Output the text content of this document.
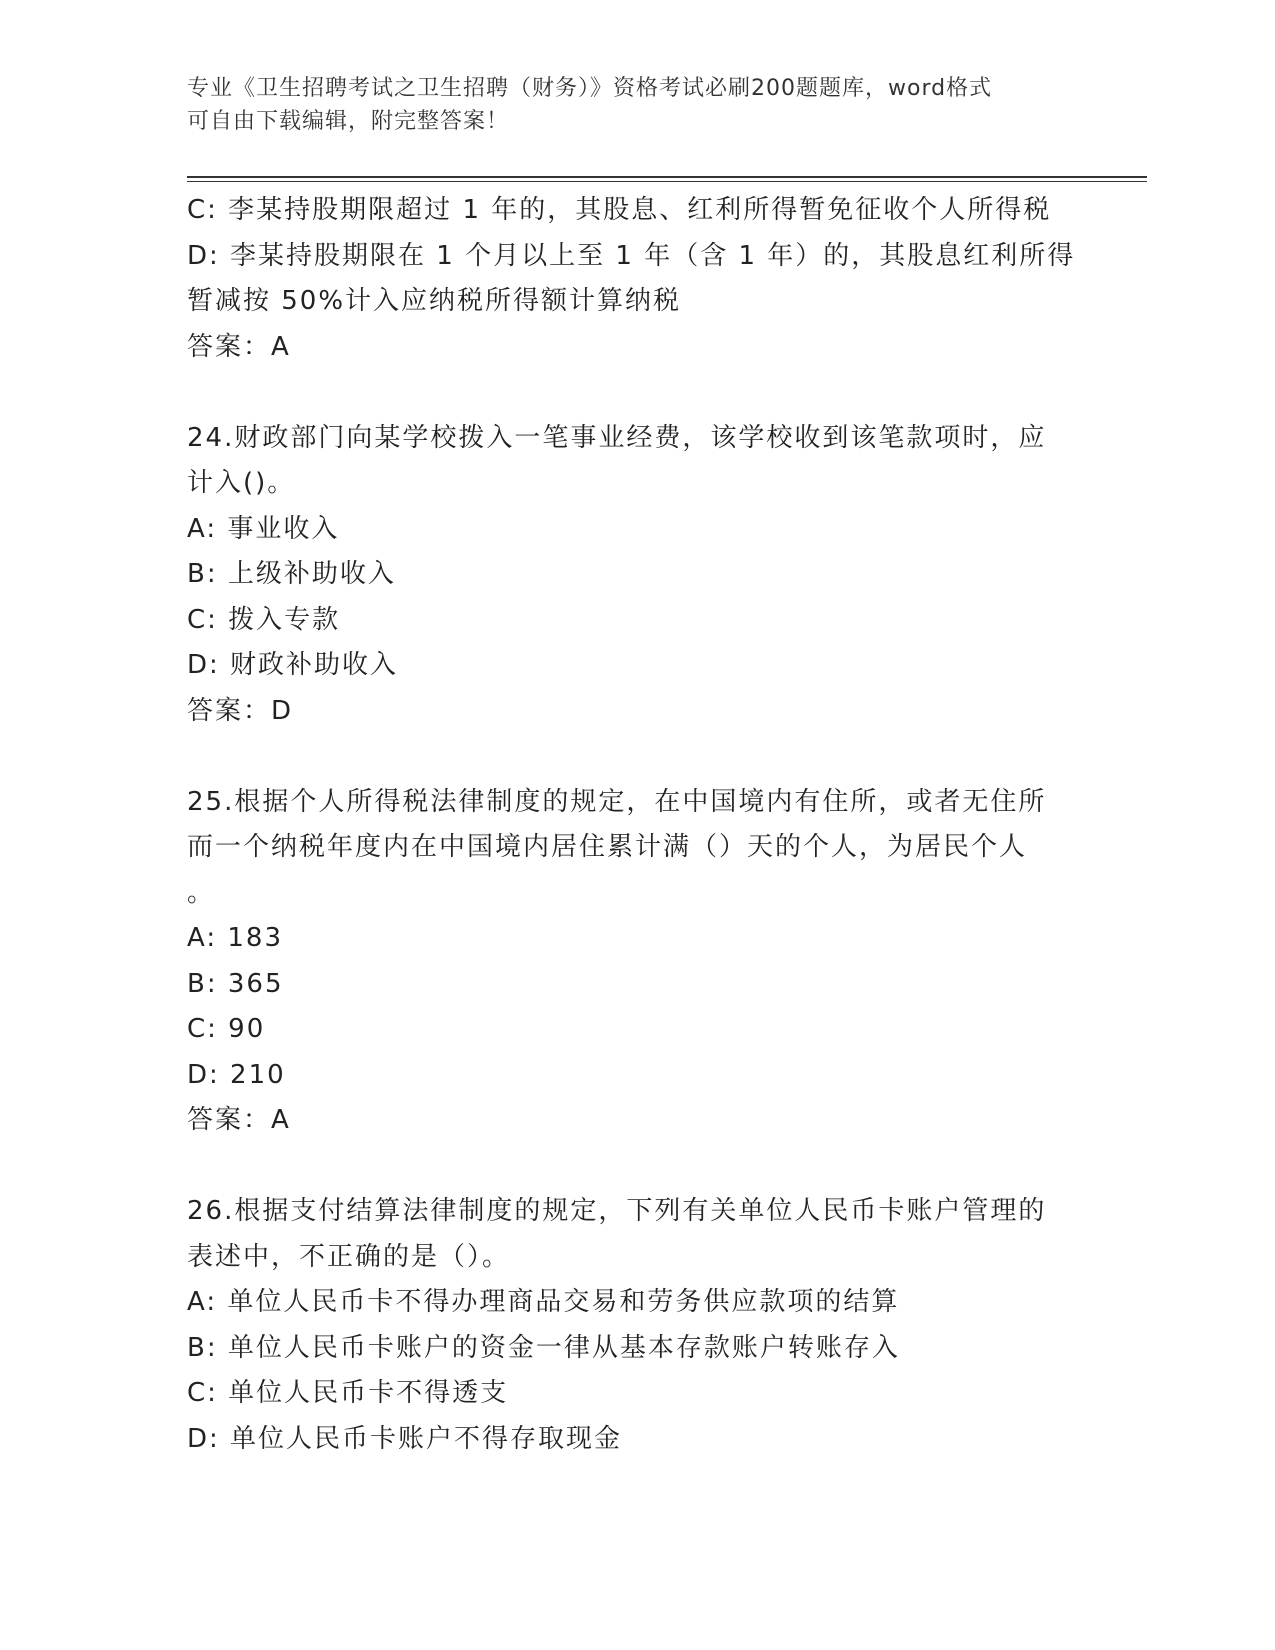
专业《卫生招聘考试之卫生招聘（财务）》资格考试必刷200题题库，word格式
可自由下载编辑，附完整答案！
C: 李某持股期限超过 1 年的，其股息、红利所得暂免征收个人所得税
D: 李某持股期限在 1 个月以上至 1 年（含 1 年）的，其股息红利所得
暂减按 50%计入应纳税所得额计算纳税
答案：A
24.财政部门向某学校拨入一笔事业经费，该学校收到该笔款项时，应
计入()。
A: 事业收入
B: 上级补助收入
C: 拨入专款
D: 财政补助收入
答案：D
25.根据个人所得税法律制度的规定，在中国境内有住所，或者无住所
而一个纳税年度内在中国境内居住累计满（）天的个人，为居民个人
。
A: 183
B: 365
C: 90
D: 210
答案：A
26.根据支付结算法律制度的规定，下列有关单位人民币卡账户管理的
表述中，不正确的是（）。
A: 单位人民币卡不得办理商品交易和劳务供应款项的结算
B: 单位人民币卡账户的资金一律从基本存款账户转账存入
C: 单位人民币卡不得透支
D: 单位人民币卡账户不得存取现金
